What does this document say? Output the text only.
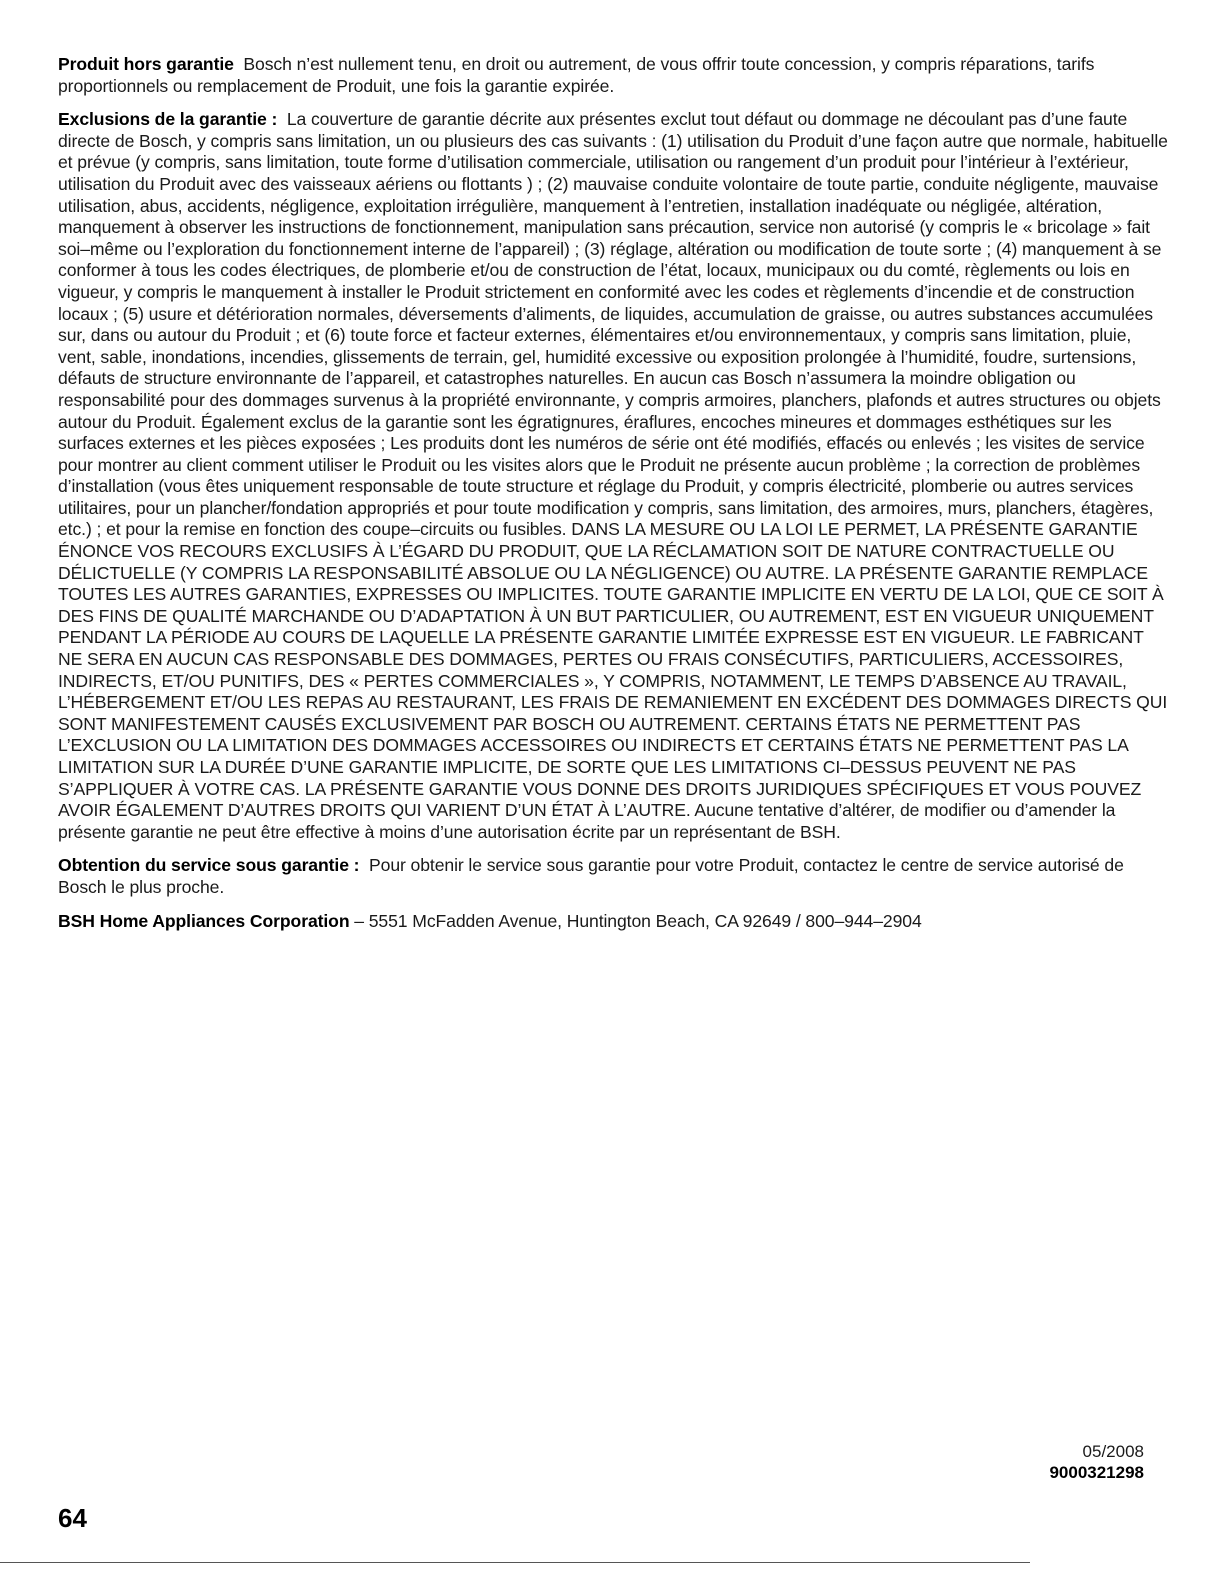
Produit hors garantie Bosch n’est nullement tenu, en droit ou autrement, de vous offrir toute concession, y compris réparations, tarifs proportionnels ou remplacement de Produit, une fois la garantie expirée.

Exclusions de la garantie : La couverture de garantie décrite aux présentes exclut tout défaut ou dommage ne découlant pas d’une faute directe de Bosch, y compris sans limitation, un ou plusieurs des cas suivants : (1) utilisation du Produit d’une façon autre que normale, habituelle et prévue (y compris, sans limitation, toute forme d’utilisation commerciale, utilisation ou rangement d’un produit pour l’intérieur à l’extérieur, utilisation du Produit avec des vaisseaux aériens ou flottants ) ; (2) mauvaise conduite volontaire de toute partie, conduite négligente, mauvaise utilisation, abus, accidents, négligence, exploitation irrégulière, manquement à l’entretien, installation inadéquate ou négligée, altération, manquement à observer les instructions de fonctionnement, manipulation sans précaution, service non autorisé (y compris le « bricolage » fait soi–même ou l’exploration du fonctionnement interne de l’appareil) ; (3) réglage, altération ou modification de toute sorte ; (4) manquement à se conformer à tous les codes électriques, de plomberie et/ou de construction de l’état, locaux, municipaux ou du comté, règlements ou lois en vigueur, y compris le manquement à installer le Produit strictement en conformité avec les codes et règlements d’incendie et de construction locaux ; (5) usure et détérioration normales, déversements d’aliments, de liquides, accumulation de graisse, ou autres substances accumulées sur, dans ou autour du Produit ; et (6) toute force et facteur externes, élémentaires et/ou environnementaux, y compris sans limitation, pluie, vent, sable, inondations, incendies, glissements de terrain, gel, humidité excessive ou exposition prolongée à l’humidité, foudre, surtensions, défauts de structure environnante de l’appareil, et catastrophes naturelles. En aucun cas Bosch n’assumera la moindre obligation ou responsabilité pour des dommages survenus à la propriété environnante, y compris armoires, planchers, plafonds et autres structures ou objets autour du Produit. Également exclus de la garantie sont les égratignures, éraflures, encoches mineures et dommages esthétiques sur les surfaces externes et les pièces exposées ; Les produits dont les numéros de série ont été modifiés, effacés ou enlevés ; les visites de service pour montrer au client comment utiliser le Produit ou les visites alors que le Produit ne présente aucun problème ; la correction de problèmes d’installation (vous êtes uniquement responsable de toute structure et réglage du Produit, y compris électricité, plomberie ou autres services utilitaires, pour un plancher/fondation appropriés et pour toute modification y compris, sans limitation, des armoires, murs, planchers, étagères, etc.) ; et pour la remise en fonction des coupe–circuits ou fusibles. DANS LA MESURE OU LA LOI LE PERMET, LA PRÉSENTE GARANTIE ÉNONCE VOS RECOURS EXCLUSIFS À L’ÉGARD DU PRODUIT, QUE LA RÉCLAMATION SOIT DE NATURE CONTRACTUELLE OU DÉLICTUELLE (Y COMPRIS LA RESPONSABILITÉ ABSOLUE OU LA NÉGLIGENCE) OU AUTRE. LA PRÉSENTE GARANTIE REMPLACE TOUTES LES AUTRES GARANTIES, EXPRESSES OU IMPLICITES. TOUTE GARANTIE IMPLICITE EN VERTU DE LA LOI, QUE CE SOIT À DES FINS DE QUALITÉ MARCHANDE OU D’ADAPTATION À UN BUT PARTICULIER, OU AUTREMENT, EST EN VIGUEUR UNIQUEMENT PENDANT LA PÉRIODE AU COURS DE LAQUELLE LA PRÉSENTE GARANTIE LIMITÉE EXPRESSE EST EN VIGUEUR. LE FABRICANT NE SERA EN AUCUN CAS RESPONSABLE DES DOMMAGES, PERTES OU FRAIS CONSÉCUTIFS, PARTICULIERS, ACCESSOIRES, INDIRECTS, ET/OU PUNITIFS, DES « PERTES COMMERCIALES », Y COMPRIS, NOTAMMENT, LE TEMPS D’ABSENCE AU TRAVAIL, L’HÉBERGEMENT ET/OU LES REPAS AU RESTAURANT, LES FRAIS DE REMANIEMENT EN EXCÉDENT DES DOMMAGES DIRECTS QUI SONT MANIFESTEMENT CAUSÉS EXCLUSIVEMENT PAR BOSCH OU AUTREMENT. CERTAINS ÉTATS NE PERMETTENT PAS L’EXCLUSION OU LA LIMITATION DES DOMMAGES ACCESSOIRES OU INDIRECTS ET CERTAINS ÉTATS NE PERMETTENT PAS LA LIMITATION SUR LA DURÉE D’UNE GARANTIE IMPLICITE, DE SORTE QUE LES LIMITATIONS CI–DESSUS PEUVENT NE PAS S’APPLIQUER À VOTRE CAS. LA PRÉSENTE GARANTIE VOUS DONNE DES DROITS JURIDIQUES SPÉCIFIQUES ET VOUS POUVEZ AVOIR ÉGALEMENT D’AUTRES DROITS QUI VARIENT D’UN ÉTAT À L’AUTRE. Aucune tentative d’altérer, de modifier ou d’amender la présente garantie ne peut être effective à moins d’une autorisation écrite par un représentant de BSH.

Obtention du service sous garantie : Pour obtenir le service sous garantie pour votre Produit, contactez le centre de service autorisé de Bosch le plus proche.

BSH Home Appliances Corporation – 5551 McFadden Avenue, Huntington Beach, CA 92649 / 800–944–2904

05/2008
9000321298
64
